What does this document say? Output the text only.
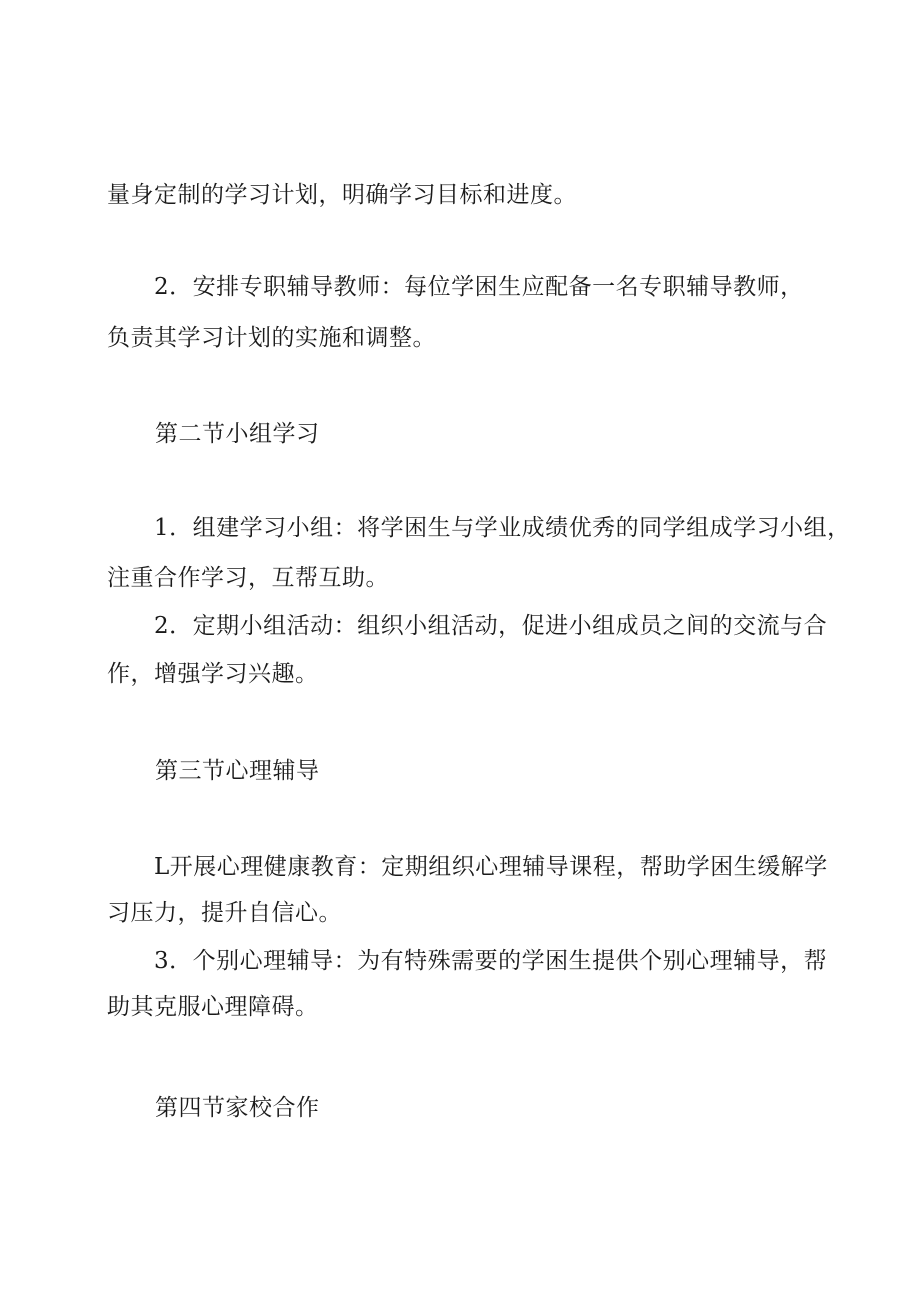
量身定制的学习计划，明确学习目标和进度。
2．安排专职辅导教师：每位学困生应配备一名专职辅导教师，
负责其学习计划的实施和调整。
第二节小组学习
1．组建学习小组：将学困生与学业成绩优秀的同学组成学习小组，
注重合作学习，互帮互助。
2．定期小组活动：组织小组活动，促进小组成员之间的交流与合
作，增强学习兴趣。
第三节心理辅导
L开展心理健康教育：定期组织心理辅导课程，帮助学困生缓解学
习压力，提升自信心。
3．个别心理辅导：为有特殊需要的学困生提供个别心理辅导，帮
助其克服心理障碍。
第四节家校合作
